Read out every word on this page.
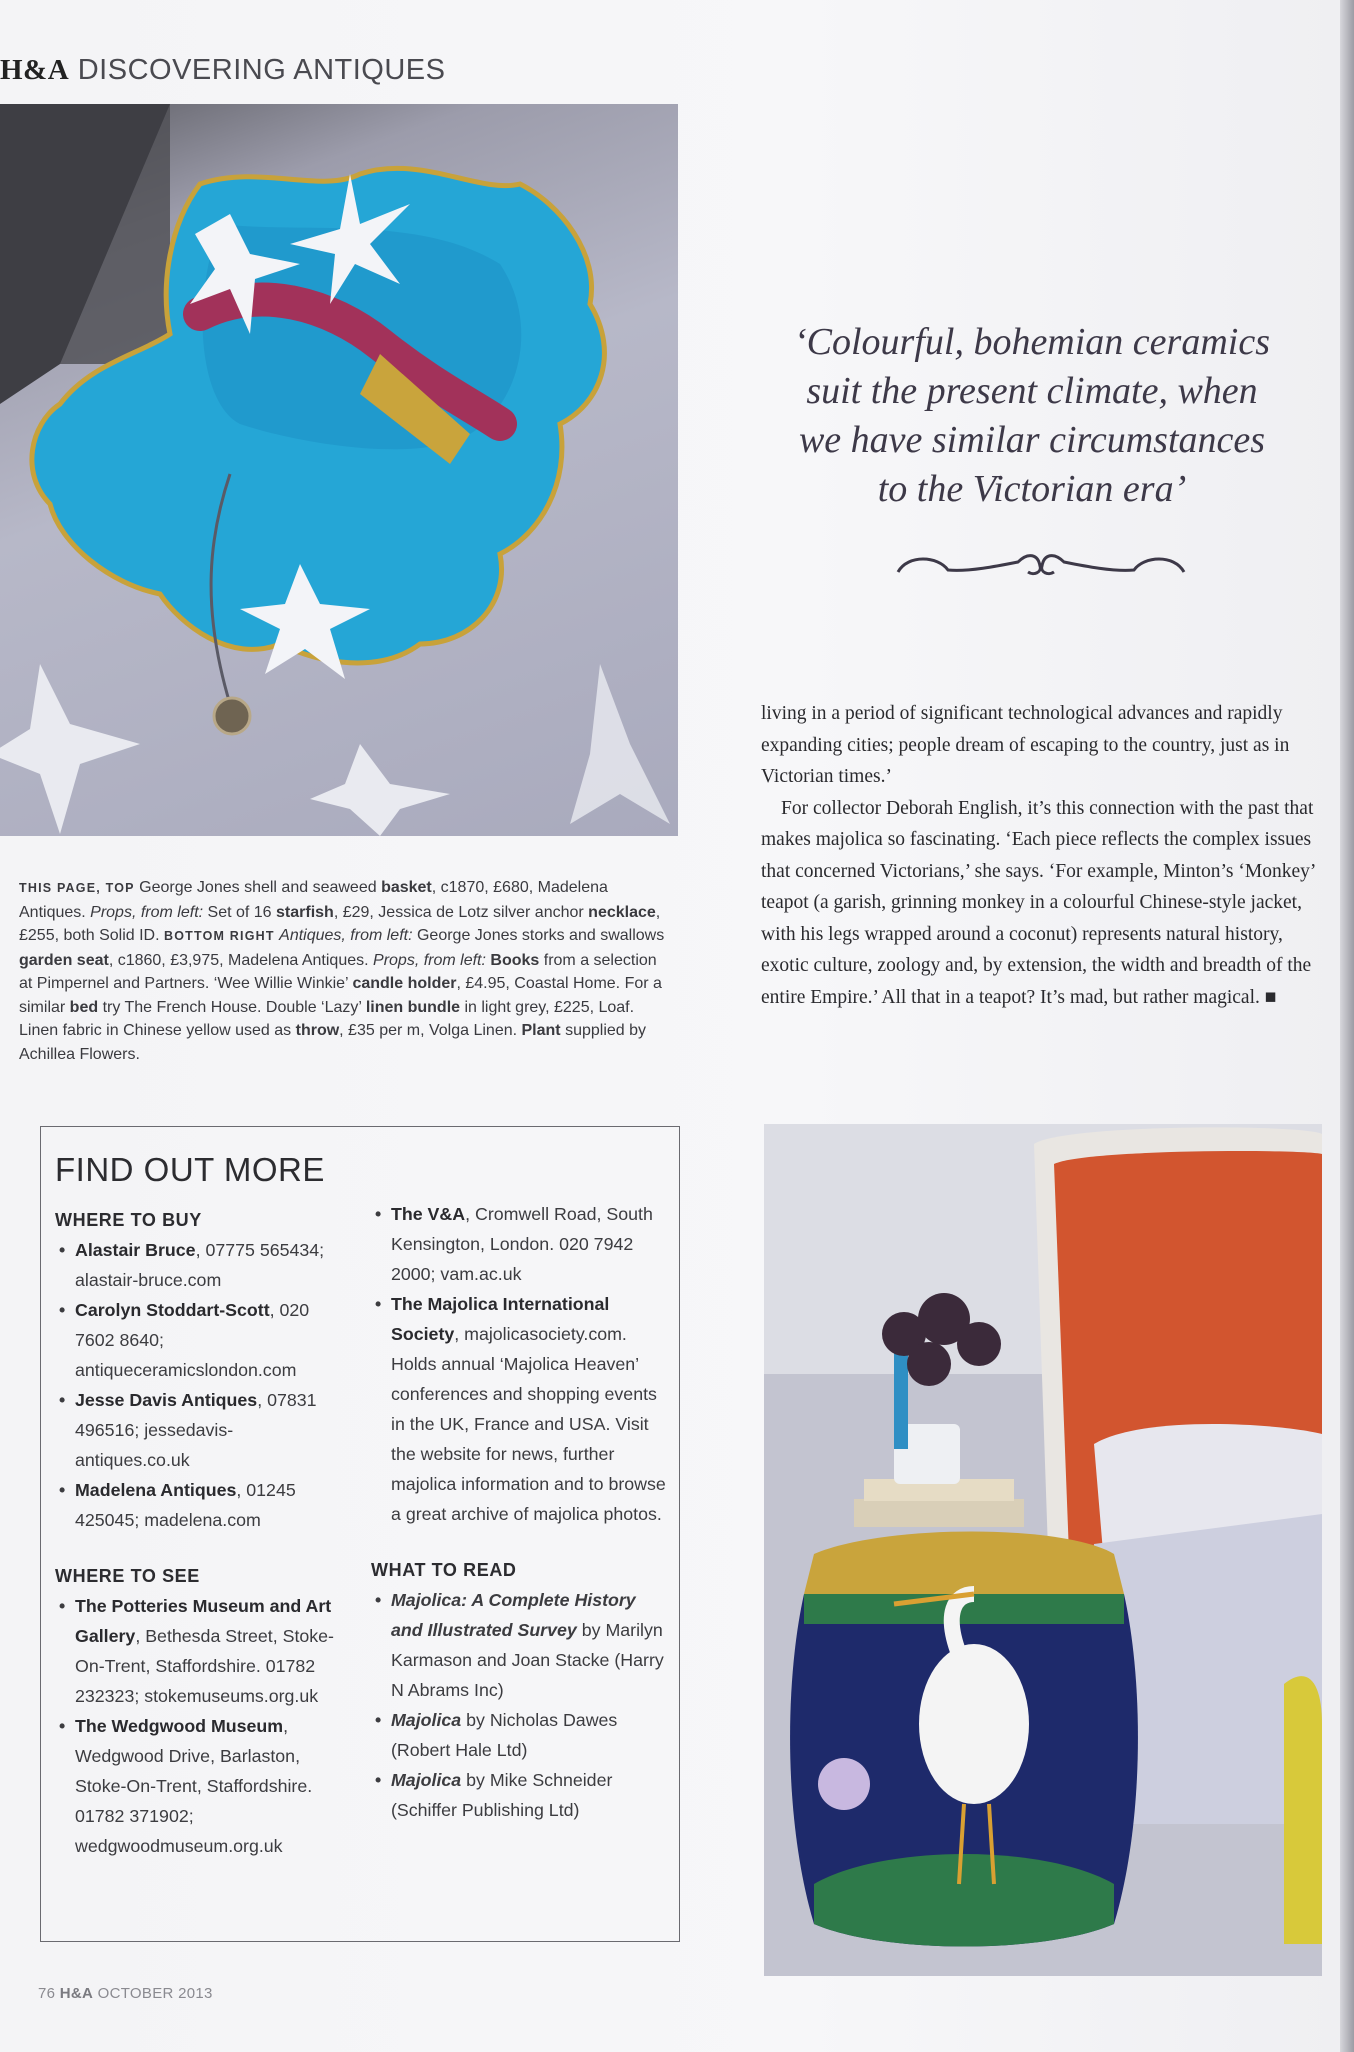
H&A DISCOVERING ANTIQUES
‘Colourful, bohemian ceramics
suit the present climate, when
we have similar circumstances
to the Victorian era’

living in a period of significant technological advances and rapidly expanding cities; people dream of escaping to the country, just as in Victorian times.’

For collector Deborah English, it’s this connection with the past that makes majolica so fascinating. ‘Each piece reflects the complex issues that concerned Victorians,’ she says. ‘For example, Minton’s ‘Monkey’ teapot (a garish, grinning monkey in a colourful Chinese-style jacket, with his legs wrapped around a coconut) represents natural history, exotic culture, zoology and, by extension, the width and breadth of the entire Empire.’ All that in a teapot? It’s mad, but rather magical. ■

THIS PAGE, TOP George Jones shell and seaweed basket, c1870, £680, Madelena Antiques. Props, from left: Set of 16 starfish, £29, Jessica de Lotz silver anchor necklace, £255, both Solid ID. BOTTOM RIGHT Antiques, from left: George Jones storks and swallows garden seat, c1860, £3,975, Madelena Antiques. Props, from left: Books from a selection at Pimpernel and Partners. ‘Wee Willie Winkie’ candle holder, £4.95, Coastal Home. For a similar bed try The French House. Double ‘Lazy’ linen bundle in light grey, £225, Loaf. Linen fabric in Chinese yellow used as throw, £35 per m, Volga Linen. Plant supplied by Achillea Flowers.
FIND OUT MORE

WHERE TO BUY

• Alastair Bruce, 07775 565434; alastair-bruce.com
• Carolyn Stoddart-Scott, 020 7602 8640; antiqueceramicslondon.com
• Jesse Davis Antiques, 07831 496516; jessedavis-antiques.co.uk
• Madelena Antiques, 01245 425045; madelena.com

WHERE TO SEE

• The Potteries Museum and Art Gallery, Bethesda Street, Stoke-On-Trent, Staffordshire. 01782 232323; stokemuseums.org.uk
• The Wedgwood Museum, Wedgwood Drive, Barlaston, Stoke-On-Trent, Staffordshire. 01782 371902; wedgwoodmuseum.org.uk
• The V&A, Cromwell Road, South Kensington, London. 020 7942 2000; vam.ac.uk
• The Majolica International Society, majolicasociety.com. Holds annual ‘Majolica Heaven’ conferences and shopping events in the UK, France and USA. Visit the website for news, further majolica information and to browse a great archive of majolica photos.

WHAT TO READ

• Majolica: A Complete History and Illustrated Survey by Marilyn Karmason and Joan Stacke (Harry N Abrams Inc)
• Majolica by Nicholas Dawes (Robert Hale Ltd)
• Majolica by Mike Schneider (Schiffer Publishing Ltd)
76 H&A OCTOBER 2013
